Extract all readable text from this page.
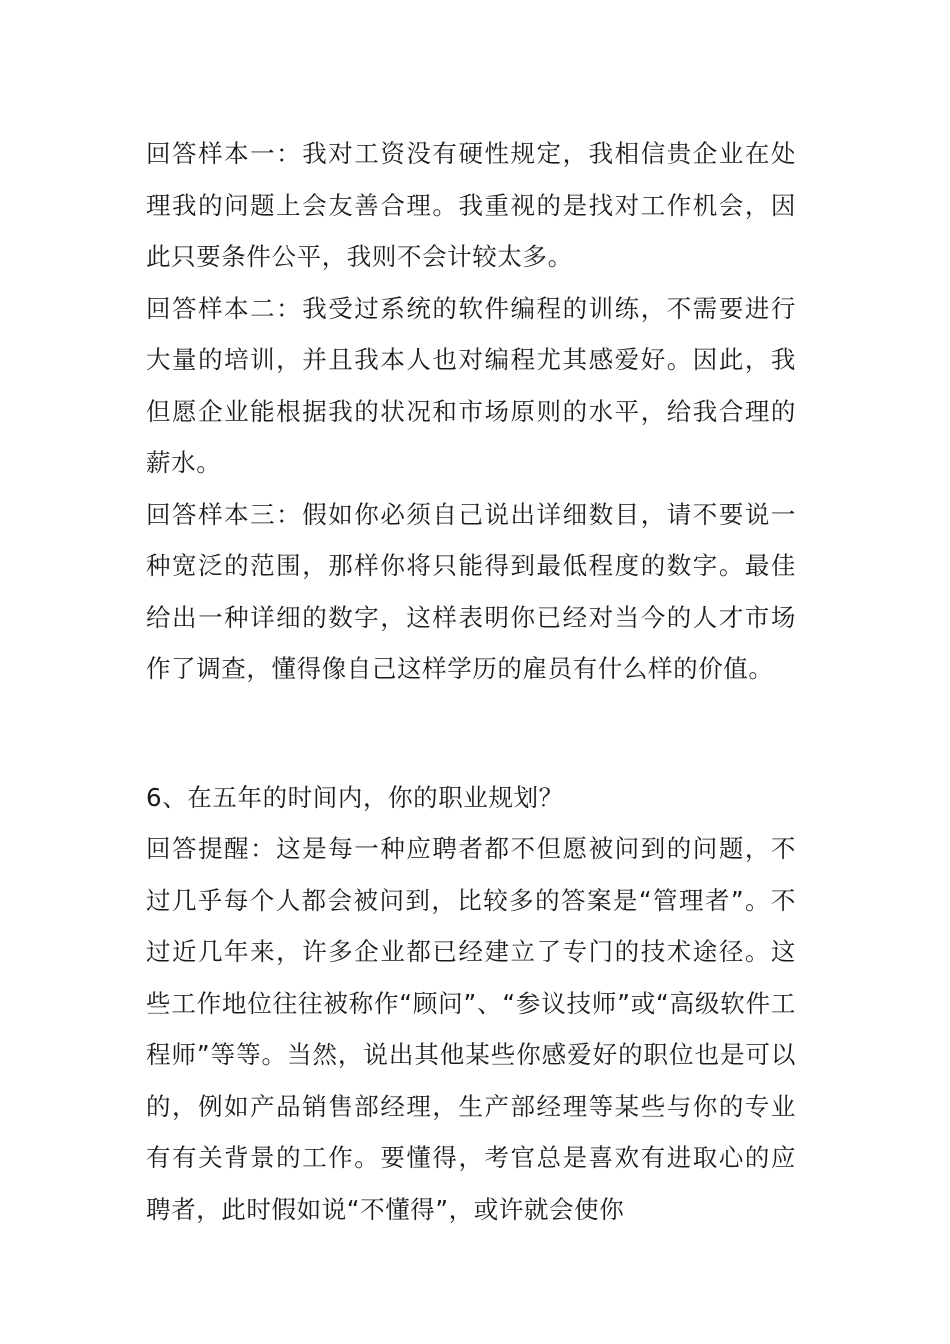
回答样本一：我对工资没有硬性规定，我相信贵企业在处理我的问题上会友善合理。我重视的是找对工作机会，因此只要条件公平，我则不会计较太多。

回答样本二：我受过系统的软件编程的训练，不需要进行大量的培训，并且我本人也对编程尤其感爱好。因此，我但愿企业能根据我的状况和市场原则的水平，给我合理的薪水。

回答样本三：假如你必须自己说出详细数目，请不要说一种宽泛的范围，那样你将只能得到最低程度的数字。最佳给出一种详细的数字，这样表明你已经对当今的人才市场作了调查，懂得像自己这样学历的雇员有什么样的价值。

6、在五年的时间内，你的职业规划？

回答提醒：这是每一种应聘者都不但愿被问到的问题，不过几乎每个人都会被问到，比较多的答案是“管理者”。不过近几年来，许多企业都已经建立了专门的技术途径。这些工作地位往往被称作“顾问”、“参议技师”或“高级软件工程师”等等。当然，说出其他某些你感爱好的职位也是可以的，例如产品销售部经理，生产部经理等某些与你的专业有有关背景的工作。要懂得，考官总是喜欢有进取心的应聘者，此时假如说“不懂得”，或许就会使你
